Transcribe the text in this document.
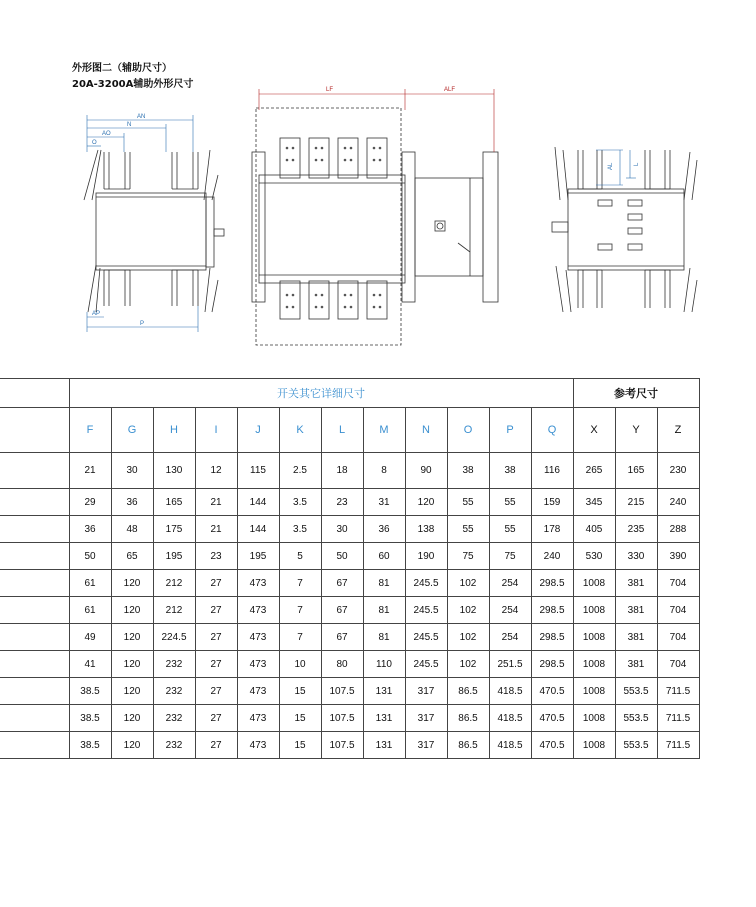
外形图二（辅助尺寸）
20A-3200A辅助外形尺寸
AN
N
AO
O
AP
P
LF	ALF
AL	L
	开关其它详细尺寸												参考尺寸		
	F	G	H	I	J	K	L	M	N	O	P	Q	X	Y	Z
	21	30	130	12	115	2.5	18	8	90	38	38	116	265	165	230
	29	36	165	21	144	3.5	23	31	120	55	55	159	345	215	240
	36	48	175	21	144	3.5	30	36	138	55	55	178	405	235	288
	50	65	195	23	195	5	50	60	190	75	75	240	530	330	390
	61	120	212	27	473	7	67	81	245.5	102	254	298.5	1008	381	704
	61	120	212	27	473	7	67	81	245.5	102	254	298.5	1008	381	704
	49	120	224.5	27	473	7	67	81	245.5	102	254	298.5	1008	381	704
	41	120	232	27	473	10	80	110	245.5	102	251.5	298.5	1008	381	704
	38.5	120	232	27	473	15	107.5	131	317	86.5	418.5	470.5	1008	553.5	711.5
	38.5	120	232	27	473	15	107.5	131	317	86.5	418.5	470.5	1008	553.5	711.5
	38.5	120	232	27	473	15	107.5	131	317	86.5	418.5	470.5	1008	553.5	711.5
